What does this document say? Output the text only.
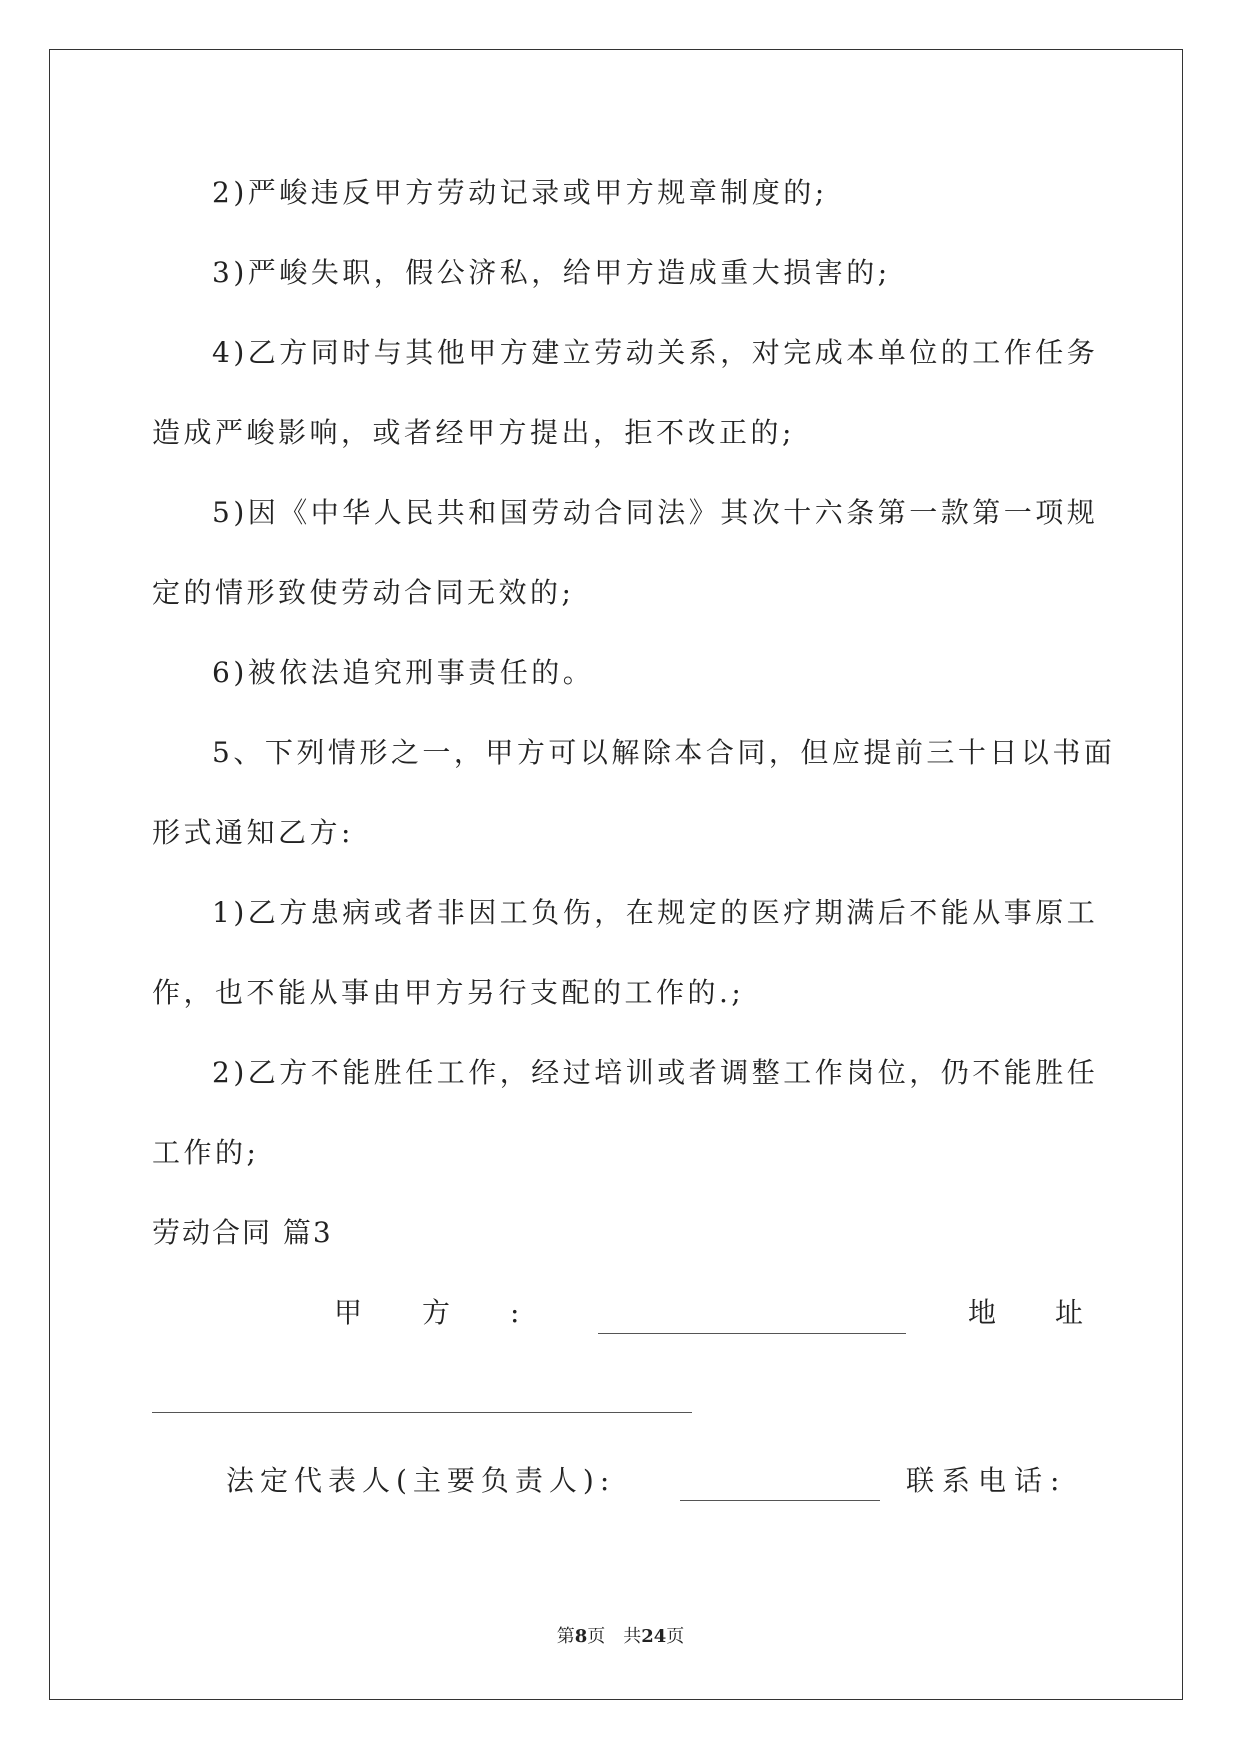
2)严峻违反甲方劳动记录或甲方规章制度的;
3)严峻失职，假公济私，给甲方造成重大损害的;
4)乙方同时与其他甲方建立劳动关系，对完成本单位的工作任务
造成严峻影响，或者经甲方提出，拒不改正的;
5)因《中华人民共和国劳动合同法》其次十六条第一款第一项规
定的情形致使劳动合同无效的;
6)被依法追究刑事责任的。
5、下列情形之一，甲方可以解除本合同，但应提前三十日以书面
形式通知乙方:
1)乙方患病或者非因工负伤，在规定的医疗期满后不能从事原工
作，也不能从事由甲方另行支配的工作的.;
2)乙方不能胜任工作，经过培训或者调整工作岗位，仍不能胜任
工作的;
劳动合同 篇3
甲 方 :	地 址
法定代表人(主要负责人):	联系电话:
第8页　共24页
